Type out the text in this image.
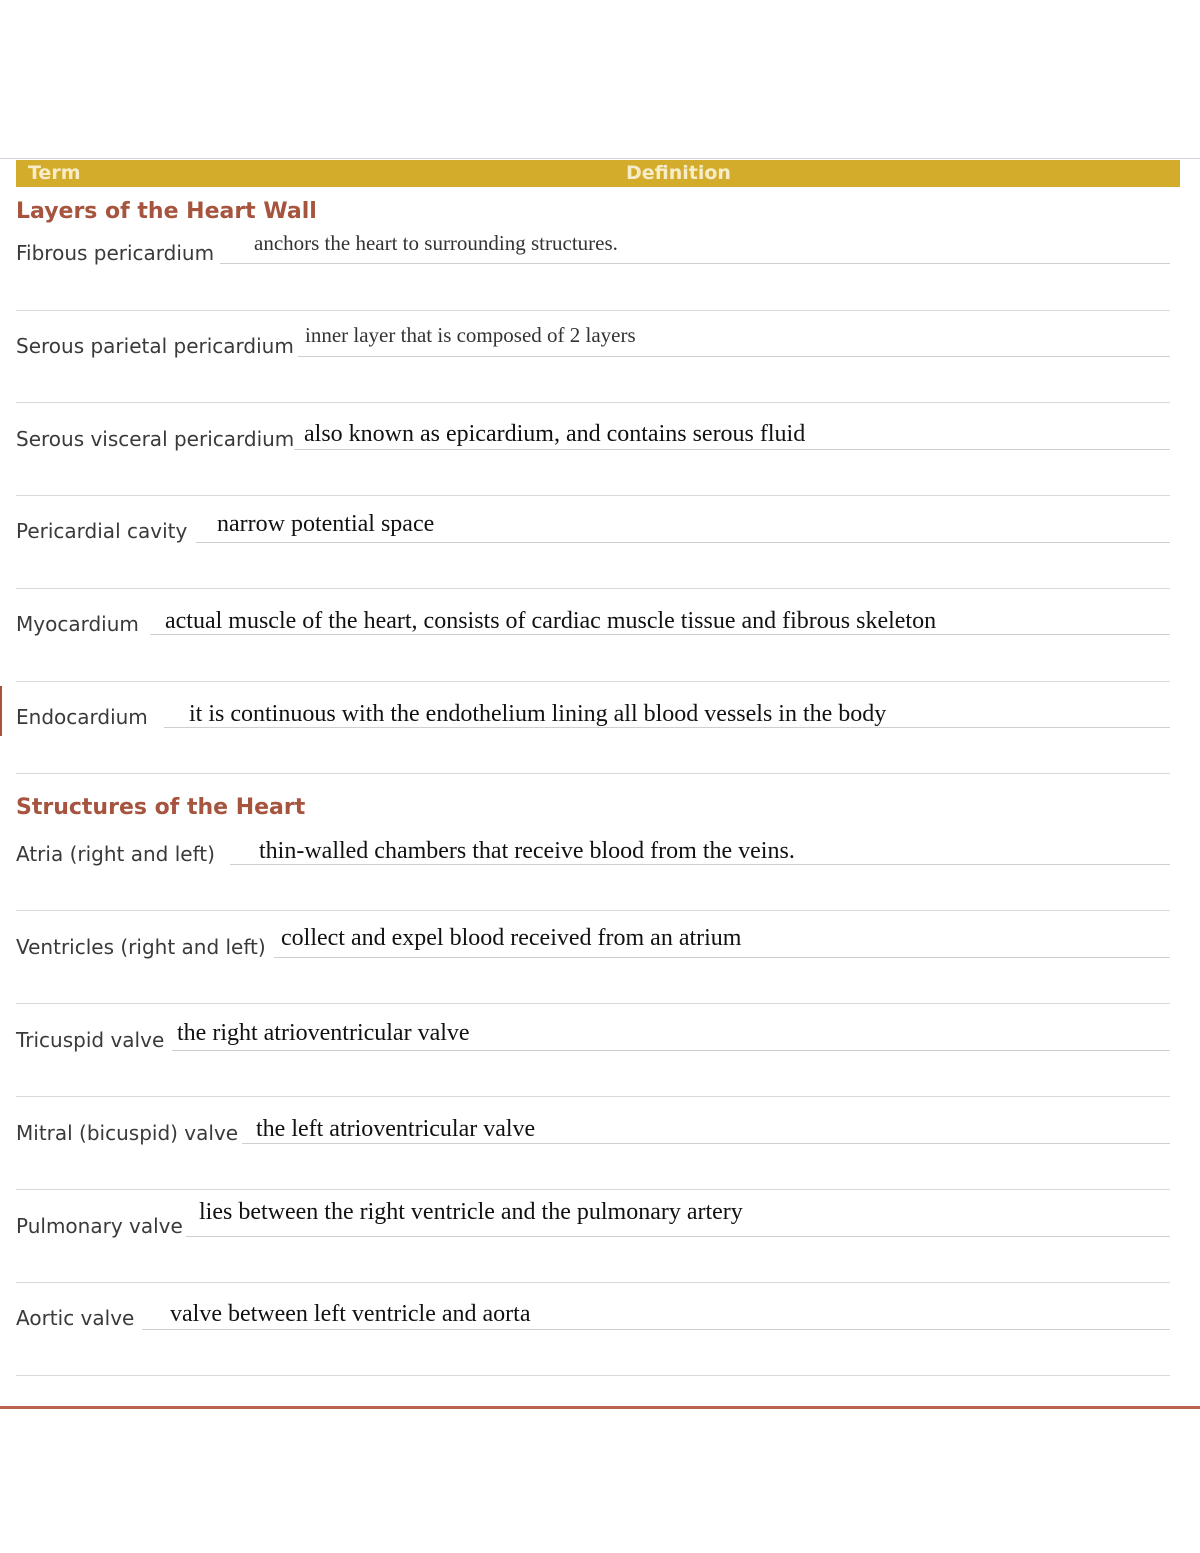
Term	Definition
Layers of the Heart Wall
Fibrous pericardium anchors the heart to surrounding structures.
Serous parietal pericardium inner layer that is composed of 2 layers
Serous visceral pericardium also known as epicardium, and contains serous fluid
Pericardial cavity narrow potential space
Myocardium actual muscle of the heart, consists of cardiac muscle tissue and fibrous skeleton
Endocardium it is continuous with the endothelium lining all blood vessels in the body
Structures of the Heart
Atria (right and left) thin-walled chambers that receive blood from the veins.
Ventricles (right and left) collect and expel blood received from an atrium
Tricuspid valve the right atrioventricular valve
Mitral (bicuspid) valve the left atrioventricular valve
Pulmonary valve
lies between the right ventricle and the pulmonary artery
Aortic valve valve between left ventricle and aorta
